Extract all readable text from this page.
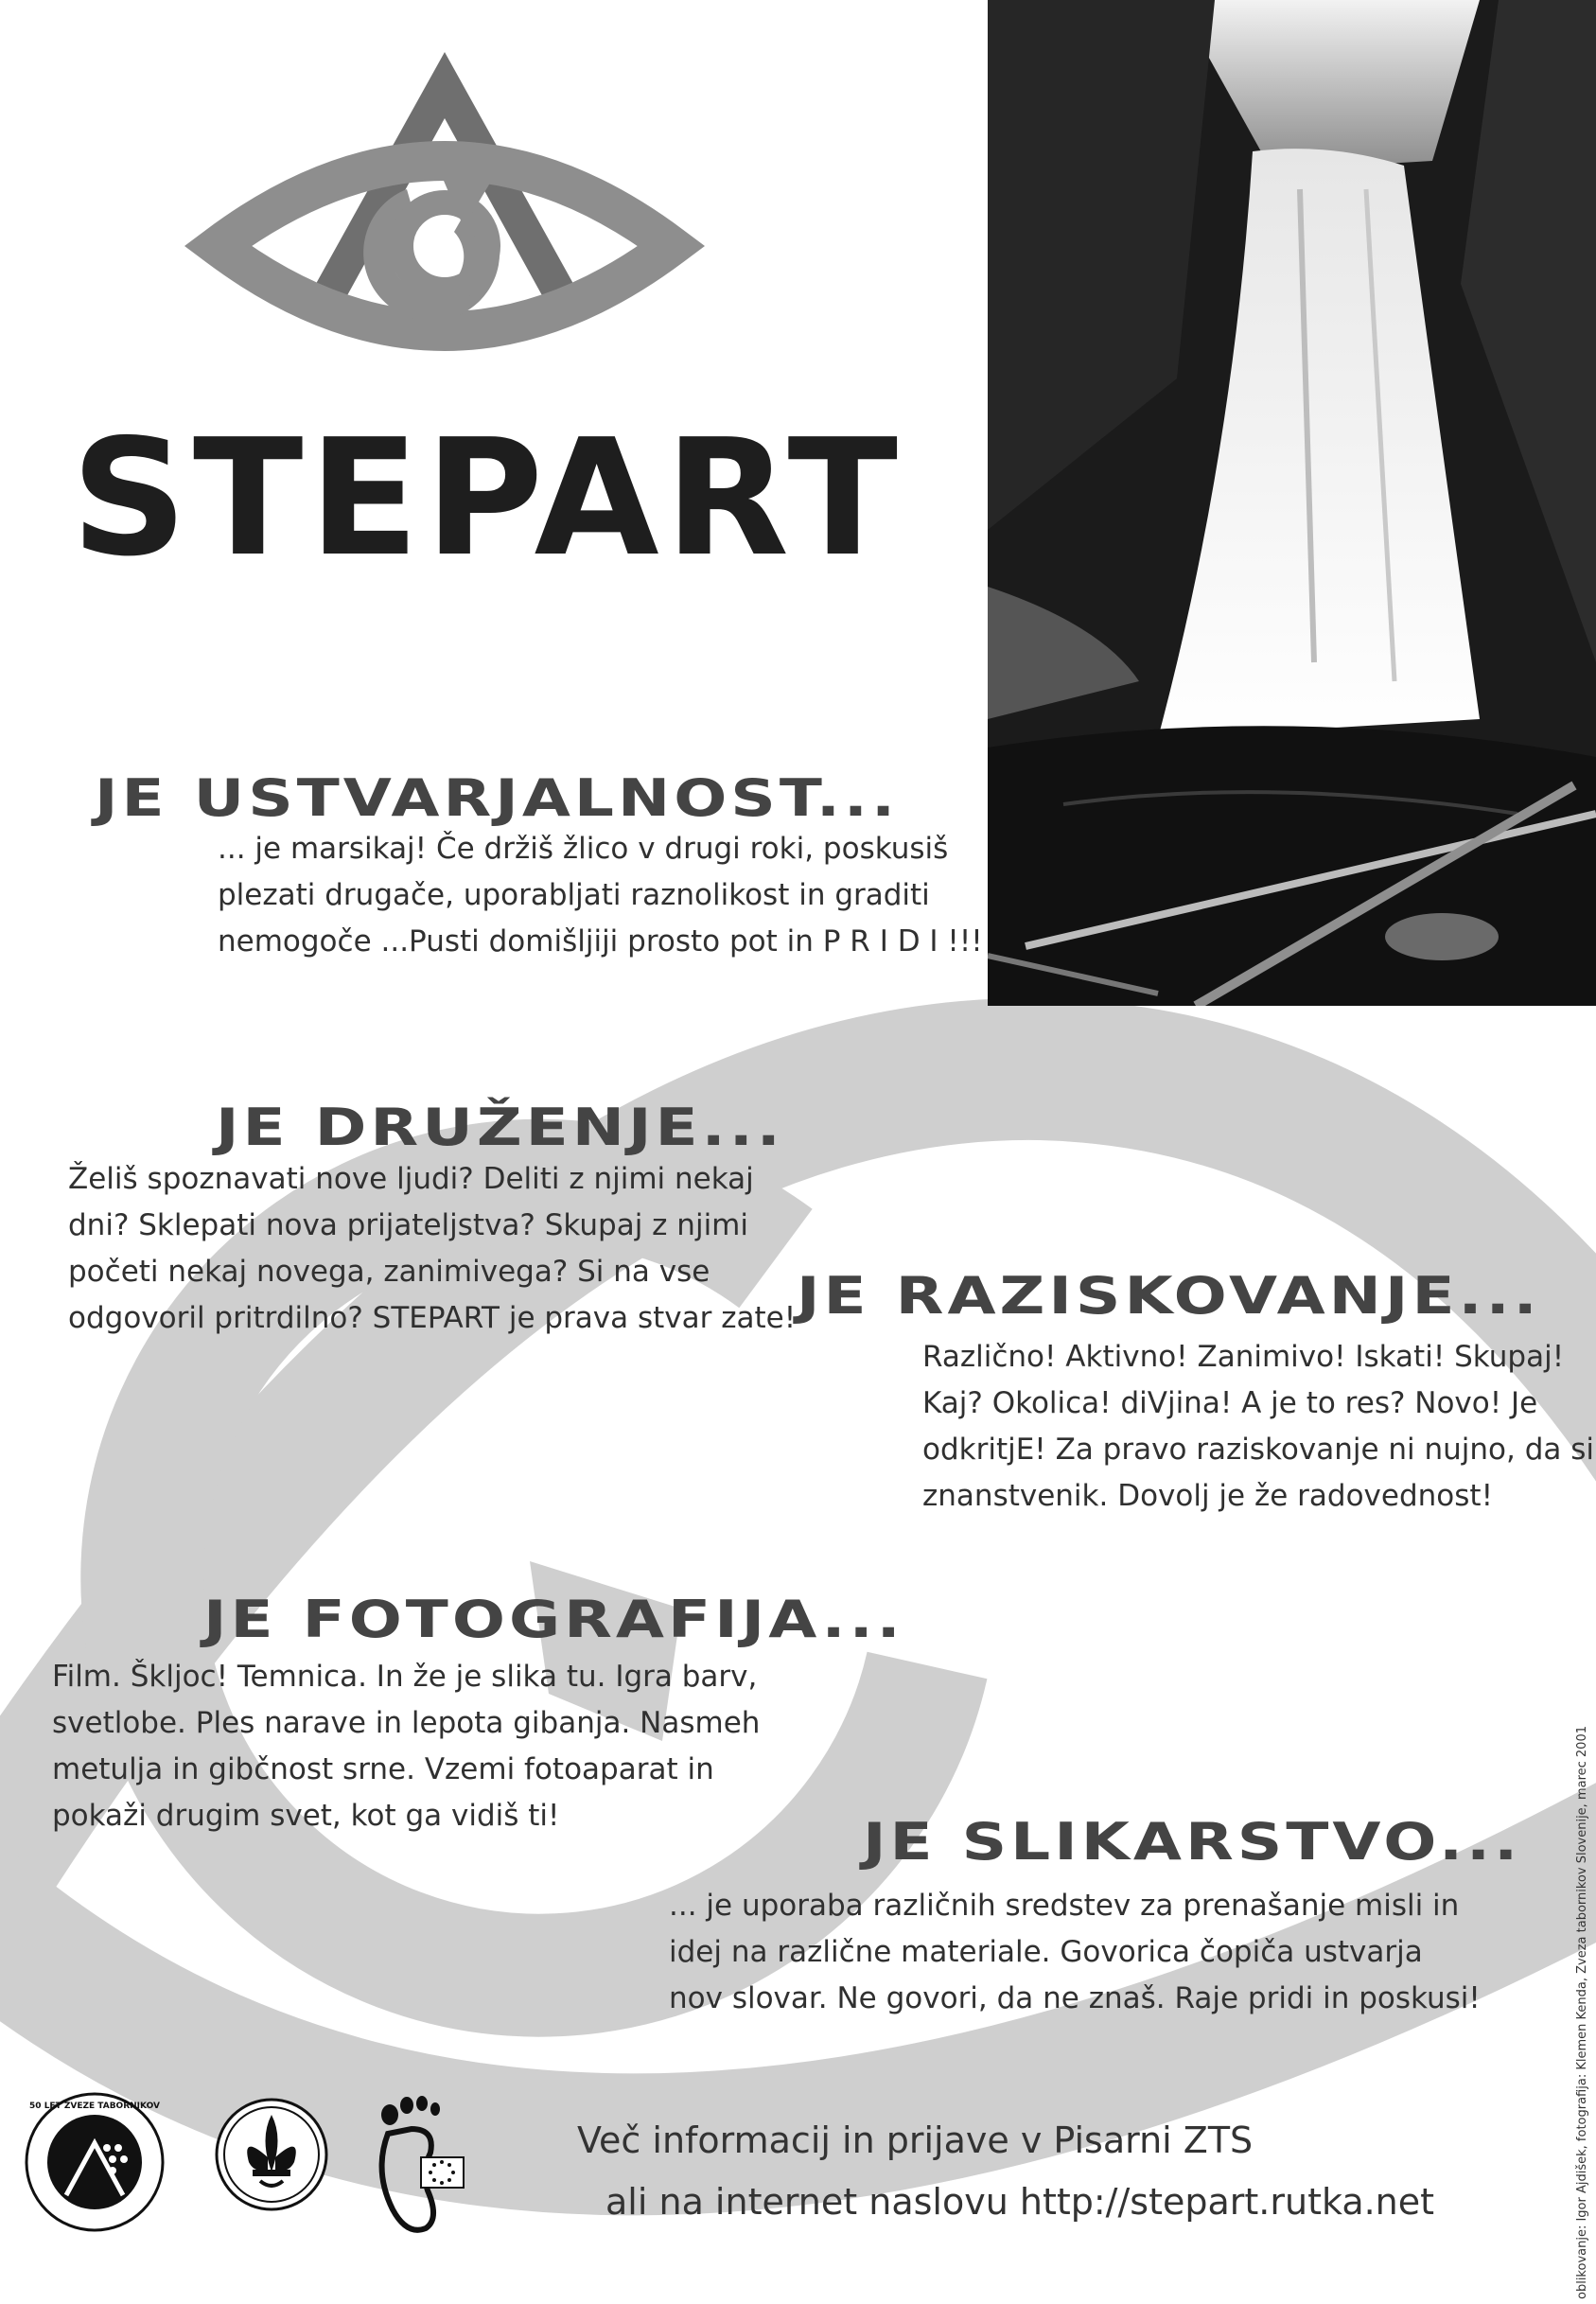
STEPART
JE USTVARJALNOST...
... je marsikaj! Če držiš žlico v drugi roki, poskusiš
plezati drugače, uporabljati raznolikost in graditi
nemogoče ...Pusti domišljiji prosto pot in P R I D I !!!
JE DRUŽENJE...
Želiš spoznavati nove ljudi? Deliti z njimi nekaj
dni? Sklepati nova prijateljstva? Skupaj z njimi
početi nekaj novega, zanimivega? Si na vse
odgovoril pritrdilno? STEPART je prava stvar zate! JE RAZISKOVANJE...
Različno! Aktivno! Zanimivo! Iskati! Skupaj!
Kaj? Okolica! diVjina! A je to res? Novo! Je
odkritjE! Za pravo raziskovanje ni nujno, da si
znanstvenik. Dovolj je že radovednost!
JE FOTOGRAFIJA...
Film. Škljoc! Temnica. In že je slika tu. Igra barv,
svetlobe. Ples narave in lepota gibanja. Nasmeh
metulja in gibčnost srne. Vzemi fotoaparat in
pokaži drugim svet, kot ga vidiš ti!	JE SLIKARSTVO...
... je uporaba različnih sredstev za prenašanje misli in
idej na različne materiale. Govorica čopiča ustvarja
nov slovar. Ne govori, da ne znaš. Raje pridi in poskusi!
50 LET ZVEZE TABORNIKOV
Več informacij in prijave v Pisarni ZTS
ali na internet naslovu http://stepart.rutka.net	oblikovanje: Igor Ajdišek, fotografija: Klemen Kenda, Zveza tabornikov Slovenije, marec 2001
